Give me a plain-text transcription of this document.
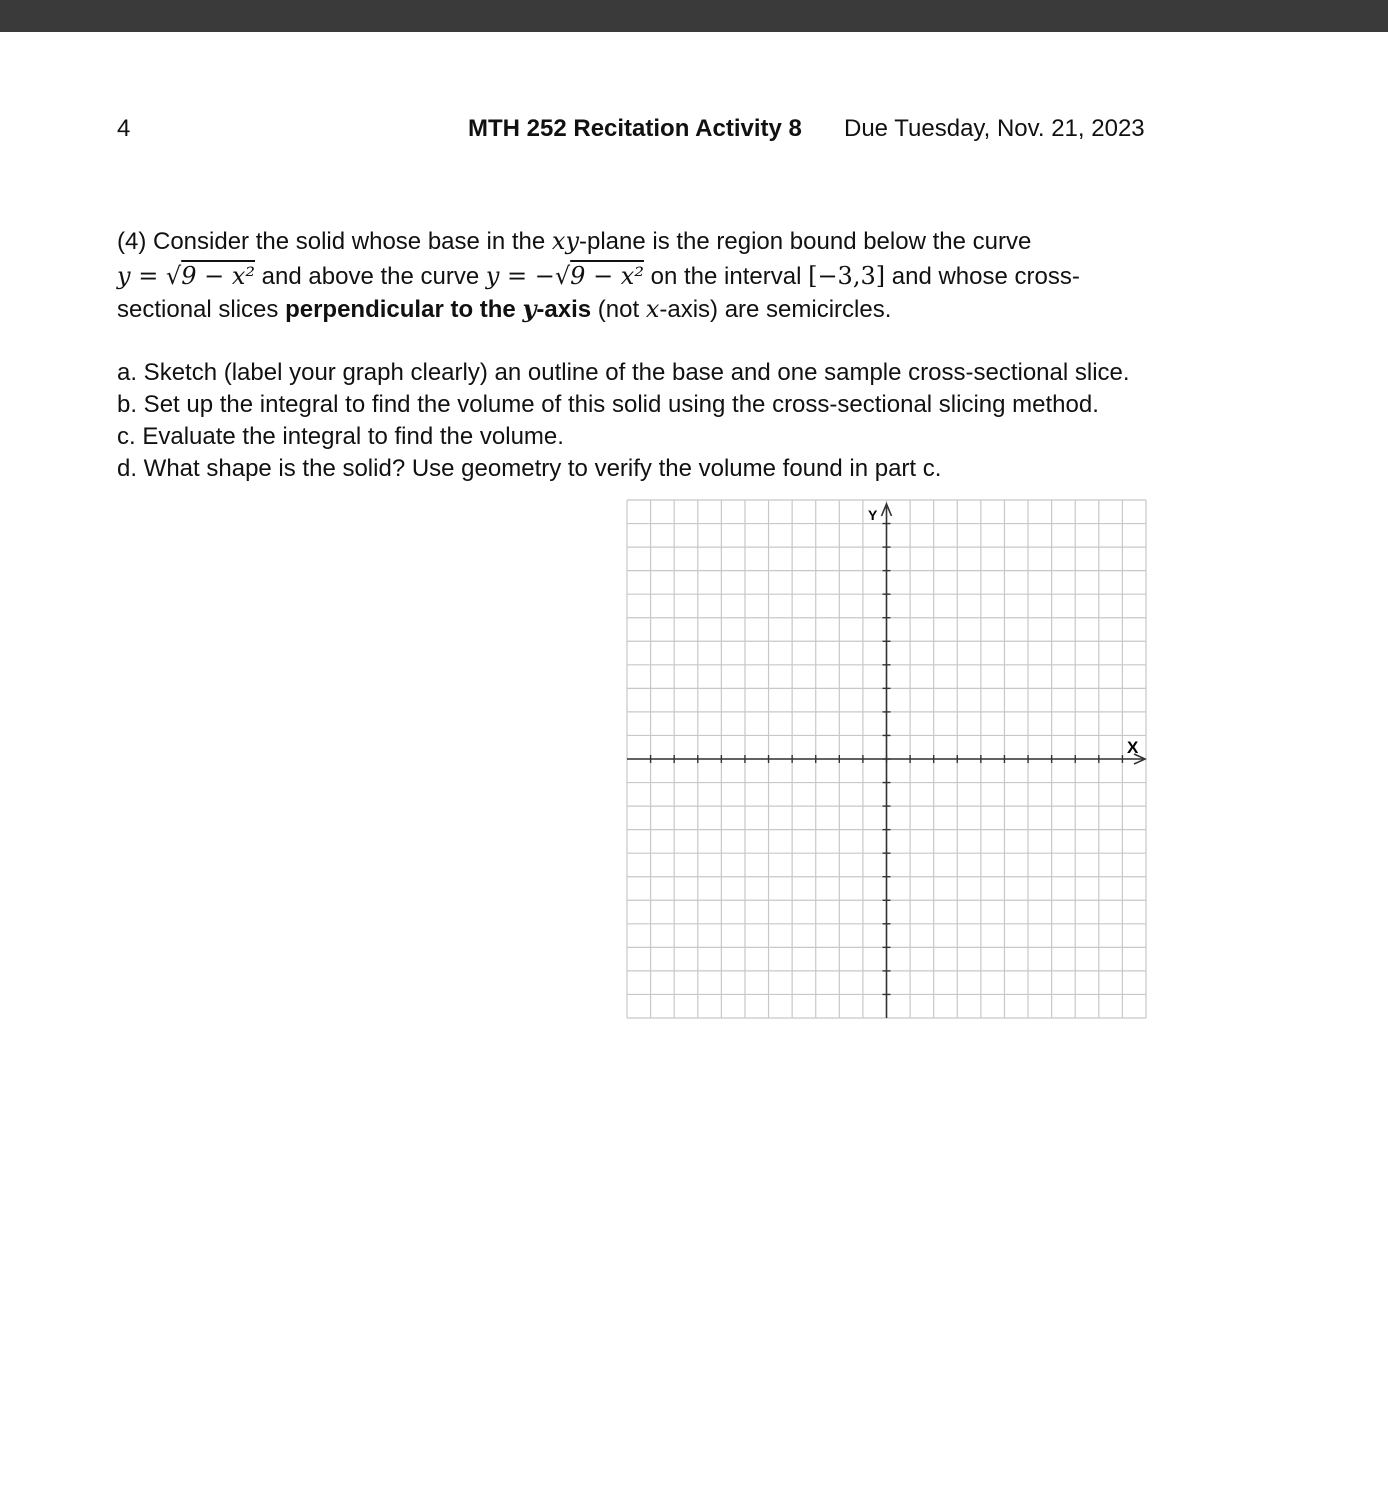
4	MTH 252 Recitation Activity 8 Due Tuesday, Nov. 21, 2023
(4) Consider the solid whose base in the xy-plane is the region bound below the curve
y = √9 − x² and above the curve y = −√9 − x² on the interval [−3,3] and whose cross-
sectional slices perpendicular to the y-axis (not x-axis) are semicircles.
a. Sketch (label your graph clearly) an outline of the base and one sample cross-sectional slice.
b. Set up the integral to find the volume of this solid using the cross-sectional slicing method.
c. Evaluate the integral to find the volume.
d. What shape is the solid? Use geometry to verify the volume found in part c.
Y
X
